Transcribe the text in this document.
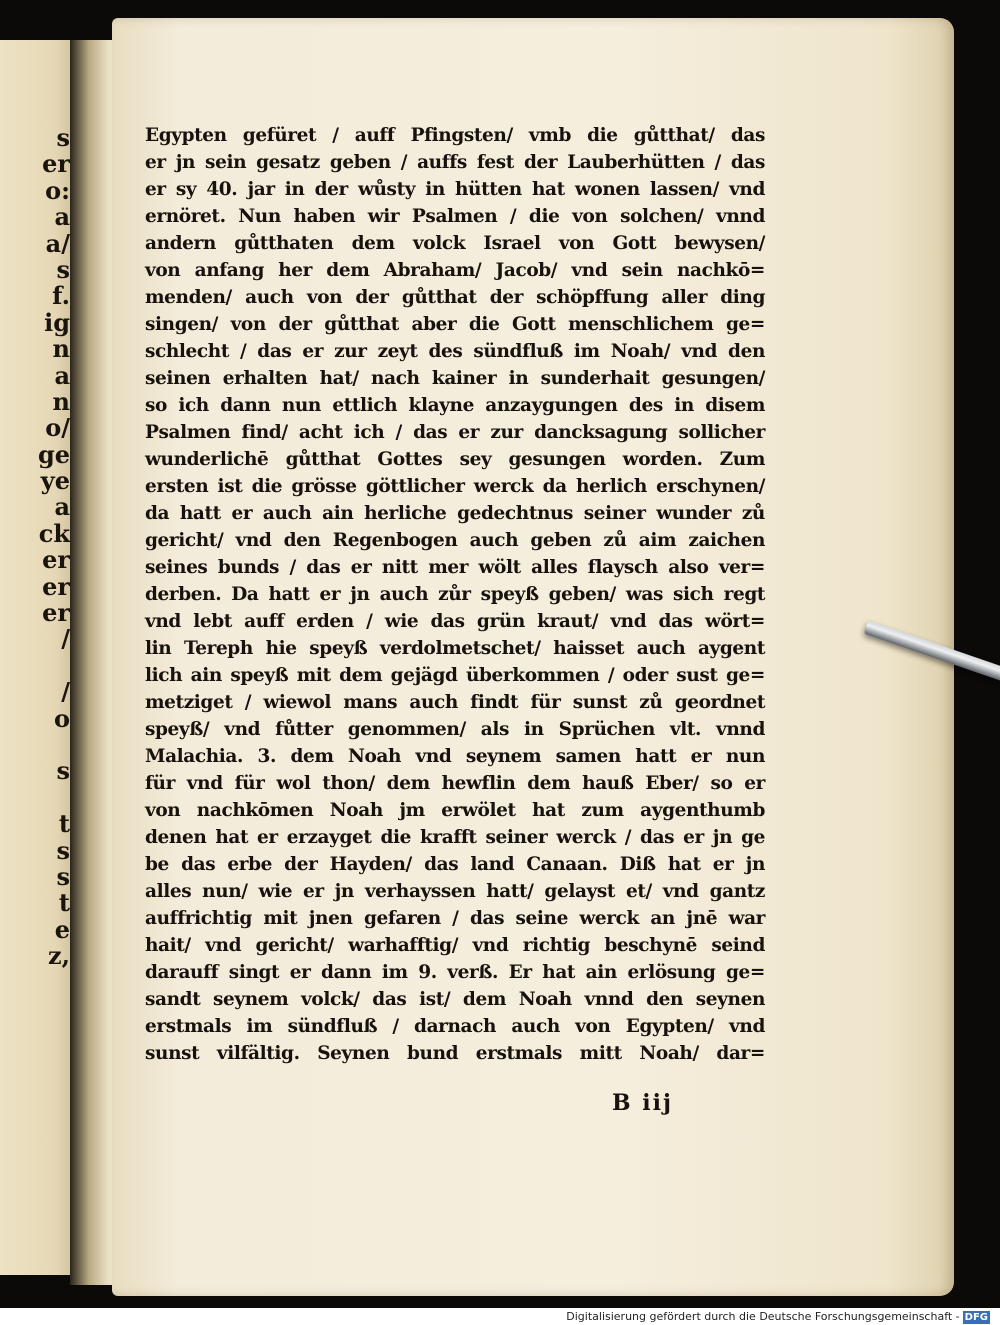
s
er
o:
a
a/
s
f.
ig
n
a
n
o/
ge
ye
a
ck
er
er
er
/
/
o
s
t
s
s
t
e
z,
Egypten gefüret / auff Pfingsten/ vmb die gůtthat/ das
er jn sein gesatz geben / auffs fest der Lauberhütten / das
er sy 40. jar in der wůsty in hütten hat wonen lassen/ vnd
ernöret. Nun haben wir Psalmen / die von solchen/ vnnd
andern gůtthaten dem volck Israel von Gott bewysen/
von anfang her dem Abraham/ Jacob/ vnd sein nachkō=
menden/ auch von der gůtthat der schöpffung aller ding
singen/ von der gůtthat aber die Gott menschlichem ge=
schlecht / das er zur zeyt des sündfluß im Noah/ vnd den
seinen erhalten hat/ nach kainer in sunderhait gesungen/
so ich dann nun ettlich klayne anzaygungen des in disem
Psalmen find/ acht ich / das er zur dancksagung sollicher
wunderlichē gůtthat Gottes sey gesungen worden. Zum
ersten ist die grösse göttlicher werck da herlich erschynen/
da hatt er auch ain herliche gedechtnus seiner wunder zů
gericht/ vnd den Regenbogen auch geben zů aim zaichen
seines bunds / das er nitt mer wölt alles flaysch also ver=
derben. Da hatt er jn auch zůr speyß geben/ was sich regt
vnd lebt auff erden / wie das grün kraut/ vnd das wört=
lin Tereph hie speyß verdolmetschet/ haisset auch aygent
lich ain speyß mit dem gejägd überkommen / oder sust ge=
metziget / wiewol mans auch findt für sunst zů geordnet
speyß/ vnd fůtter genommen/ als in Sprüchen vlt. vnnd
Malachia. 3. dem Noah vnd seynem samen hatt er nun
für vnd für wol thon/ dem hewflin dem hauß Eber/ so er
von nachkōmen Noah jm erwölet hat zum aygenthumb
denen hat er erzayget die krafft seiner werck / das er jn ge
be das erbe der Hayden/ das land Canaan. Diß hat er jn
alles nun/ wie er jn verhayssen hatt/ gelayst et/ vnd gantz
auffrichtig mit jnen gefaren / das seine werck an jnē war
hait/ vnd gericht/ warhafftig/ vnd richtig beschynē seind
darauff singt er dann im 9. verß. Er hat ain erlösung ge=
sandt seynem volck/ das ist/ dem Noah vnnd den seynen
erstmals im sündfluß / darnach auch von Egypten/ vnd
sunst vilfältig. Seynen bund erstmals mitt Noah/ dar=
B iij
Digitalisierung gefördert durch die Deutsche Forschungsgemeinschaft - DFG
